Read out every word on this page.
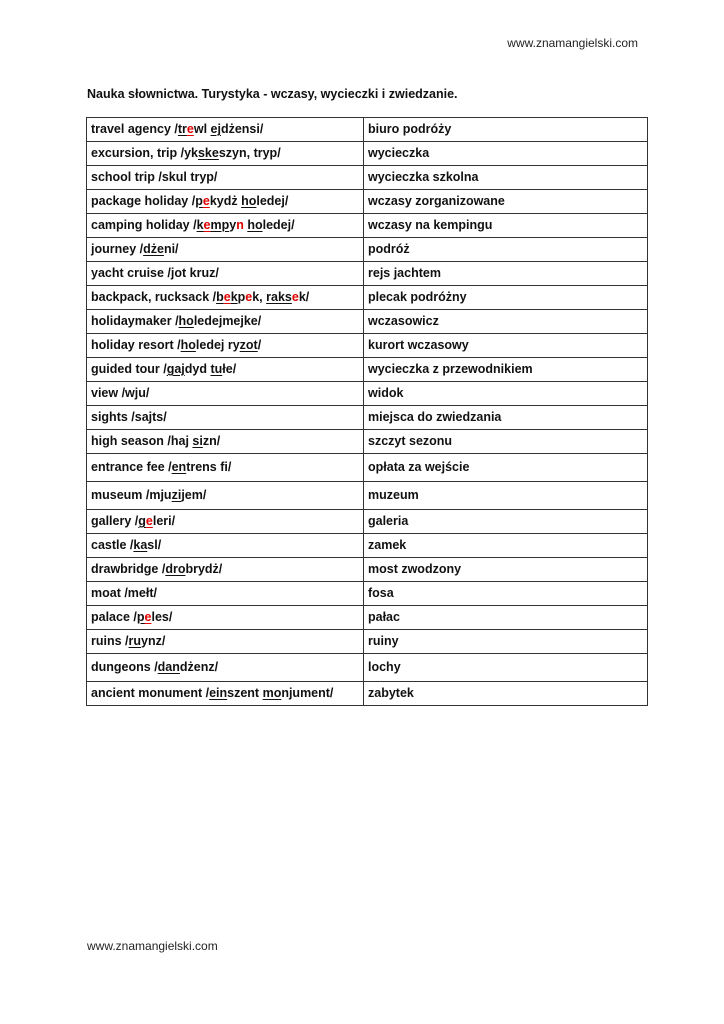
www.znamangielski.com
Nauka słownictwa. Turystyka - wczasy, wycieczki i zwiedzanie.
travel agency /trewl ejdżensi/	biuro podróży
excursion, trip /ykskeszyn, tryp/	wycieczka
school trip /skul tryp/	wycieczka szkolna
package holiday /pekydż holedej/	wczasy zorganizowane
camping holiday /kempyn holedej/	wczasy na kempingu
journey /dżeni/	podróż
yacht cruise /jot kruz/	rejs jachtem
backpack, rucksack /bekpek, raksek/	plecak podróżny
holidaymaker /holedejmejke/	wczasowicz
holiday resort /holedej ryzot/	kurort wczasowy
guided tour /gajdyd tułe/	wycieczka z przewodnikiem
view /wju/	widok
sights /sajts/	miejsca do zwiedzania
high season /haj sizn/	szczyt sezonu
entrance fee /entrens fi/	opłata za wejście
museum /mjuzijem/	muzeum
gallery /geleri/	galeria
castle /kasl/	zamek
drawbridge /drobrydż/	most zwodzony
moat /mełt/	fosa
palace /peles/	pałac
ruins /ruynz/	ruiny
dungeons /dandżenz/	lochy
ancient monument /einszent monjument/	zabytek
www.znamangielski.com
